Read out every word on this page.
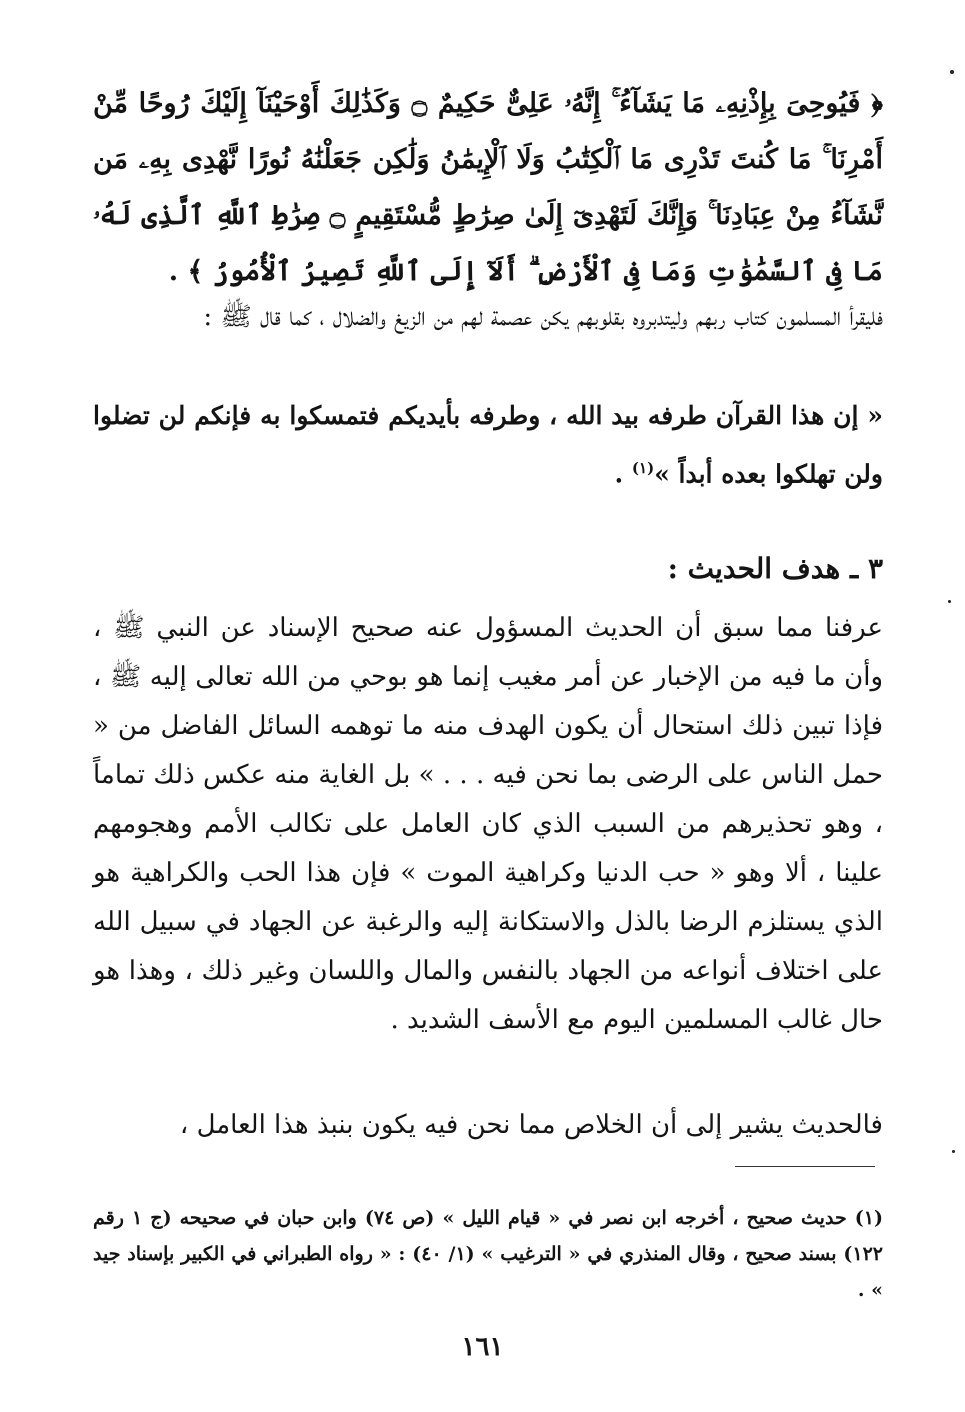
﴿ فَيُوحِىَ بِإِذْنِهِۦ مَا يَشَآءُ ۚ إِنَّهُۥ عَلِىٌّ حَكِيمٌ ۝ وَكَذَٰلِكَ أَوْحَيْنَآ إِلَيْكَ رُوحًا مِّنْ أَمْرِنَا ۚ مَا كُنتَ تَدْرِى مَا ٱلْكِتَٰبُ وَلَا ٱلْإِيمَٰنُ وَلَٰكِن جَعَلْنَٰهُ نُورًا نَّهْدِى بِهِۦ مَن نَّشَآءُ مِنْ عِبَادِنَا ۚ وَإِنَّكَ لَتَهْدِىٓ إِلَىٰ صِرَٰطٍ مُّسْتَقِيمٍ ۝ صِرَٰطِ ٱللَّهِ ٱلَّذِى لَهُۥ مَا فِى ٱلسَّمَٰوَٰتِ وَمَا فِى ٱلْأَرْضِ ۗ أَلَآ إِلَى ٱللَّهِ تَصِيرُ ٱلْأُمُورُ ﴾ .
فليقرأ المسلمون كتاب ربهم وليتدبروه بقلوبهم يكن عصمة لهم من الزيغ والضلال ، كما قال ﷺ :
« إن هذا القرآن طرفه بيد الله ، وطرفه بأيديكم فتمسكوا به فإنكم لن تضلوا ولن تهلكوا بعده أبداً »$^{(١)}$ .
٣ ـ هدف الحديث :
عرفنا مما سبق أن الحديث المسؤول عنه صحيح الإسناد عن النبي ﷺ ، وأن ما فيه من الإخبار عن أمر مغيب إنما هو بوحي من الله تعالى إليه ﷺ ، فإذا تبين ذلك استحال أن يكون الهدف منه ما توهمه السائل الفاضل من « حمل الناس على الرضى بما نحن فيه . . . » بل الغاية منه عكس ذلك تماماً ، وهو تحذيرهم من السبب الذي كان العامل على تكالب الأمم وهجومهم علينا ، ألا وهو « حب الدنيا وكراهية الموت » فإن هذا الحب والكراهية هو الذي يستلزم الرضا بالذل والاستكانة إليه والرغبة عن الجهاد في سبيل الله على اختلاف أنواعه من الجهاد بالنفس والمال واللسان وغير ذلك ، وهذا هو حال غالب المسلمين اليوم مع الأسف الشديد .
فالحديث يشير إلى أن الخلاص مما نحن فيه يكون بنبذ هذا العامل ،
(١) حديث صحيح ، أخرجه ابن نصر في « قيام الليل » (ص ٧٤) وابن حبان في صحيحه (ج ١ رقم ١٢٢) بسند صحيح ، وقال المنذري في « الترغيب » (١/ ٤٠) : « رواه الطبراني في الكبير بإسناد جيد » .
١٦١
